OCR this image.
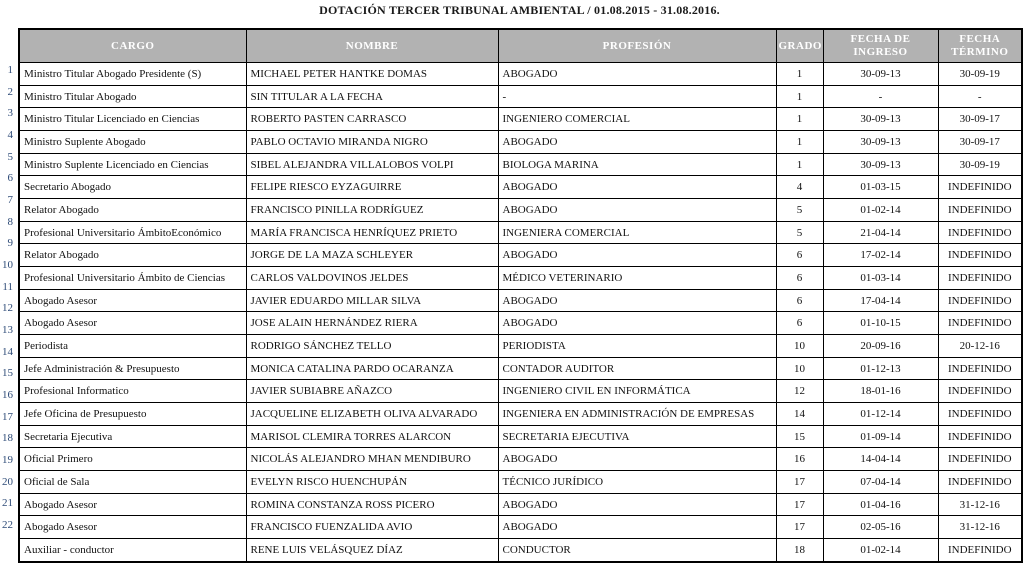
DOTACIÓN TERCER TRIBUNAL AMBIENTAL / 01.08.2015 - 31.08.2016.
1
2
3
4
5
6
7
8
9
10
11
12
13
14
15
16
17
18
19
20
21
22
CARGO	NOMBRE	PROFESIÓN	GRADO	FECHA DE INGRESO	FECHA TÉRMINO
Ministro Titular Abogado Presidente (S)	MICHAEL PETER HANTKE DOMAS	ABOGADO	1	30-09-13	30-09-19
Ministro Titular Abogado	SIN TITULAR A LA FECHA	-	1	-	-
Ministro Titular Licenciado en Ciencias	ROBERTO PASTEN CARRASCO	INGENIERO COMERCIAL	1	30-09-13	30-09-17
Ministro Suplente Abogado	PABLO OCTAVIO MIRANDA NIGRO	ABOGADO	1	30-09-13	30-09-17
Ministro Suplente Licenciado en Ciencias	SIBEL ALEJANDRA VILLALOBOS VOLPI	BIOLOGA MARINA	1	30-09-13	30-09-19
Secretario Abogado	FELIPE RIESCO EYZAGUIRRE	ABOGADO	4	01-03-15	INDEFINIDO
Relator Abogado	FRANCISCO PINILLA RODRÍGUEZ	ABOGADO	5	01-02-14	INDEFINIDO
Profesional Universitario ÁmbitoEconómico	MARÍA FRANCISCA HENRÍQUEZ PRIETO	INGENIERA COMERCIAL	5	21-04-14	INDEFINIDO
Relator Abogado	JORGE DE LA MAZA SCHLEYER	ABOGADO	6	17-02-14	INDEFINIDO
Profesional Universitario Ámbito de Ciencias	CARLOS VALDOVINOS JELDES	MÉDICO VETERINARIO	6	01-03-14	INDEFINIDO
Abogado Asesor	JAVIER EDUARDO MILLAR SILVA	ABOGADO	6	17-04-14	INDEFINIDO
Abogado Asesor	JOSE ALAIN HERNÁNDEZ RIERA	ABOGADO	6	01-10-15	INDEFINIDO
Periodista	RODRIGO SÁNCHEZ TELLO	PERIODISTA	10	20-09-16	20-12-16
Jefe Administración & Presupuesto	MONICA CATALINA PARDO OCARANZA	CONTADOR AUDITOR	10	01-12-13	INDEFINIDO
Profesional Informatico	JAVIER SUBIABRE AÑAZCO	INGENIERO CIVIL EN INFORMÁTICA	12	18-01-16	INDEFINIDO
Jefe Oficina de Presupuesto	JACQUELINE ELIZABETH OLIVA ALVARADO	INGENIERA EN ADMINISTRACIÓN DE EMPRESAS	14	01-12-14	INDEFINIDO
Secretaria Ejecutiva	MARISOL CLEMIRA TORRES ALARCON	SECRETARIA EJECUTIVA	15	01-09-14	INDEFINIDO
Oficial Primero	NICOLÁS ALEJANDRO MHAN MENDIBURO	ABOGADO	16	14-04-14	INDEFINIDO
Oficial de Sala	EVELYN RISCO HUENCHUPÁN	TÉCNICO JURÍDICO	17	07-04-14	INDEFINIDO
Abogado Asesor	ROMINA CONSTANZA ROSS PICERO	ABOGADO	17	01-04-16	31-12-16
Abogado Asesor	FRANCISCO FUENZALIDA AVIO	ABOGADO	17	02-05-16	31-12-16
Auxiliar - conductor	RENE LUIS VELÁSQUEZ DÍAZ	CONDUCTOR	18	01-02-14	INDEFINIDO
